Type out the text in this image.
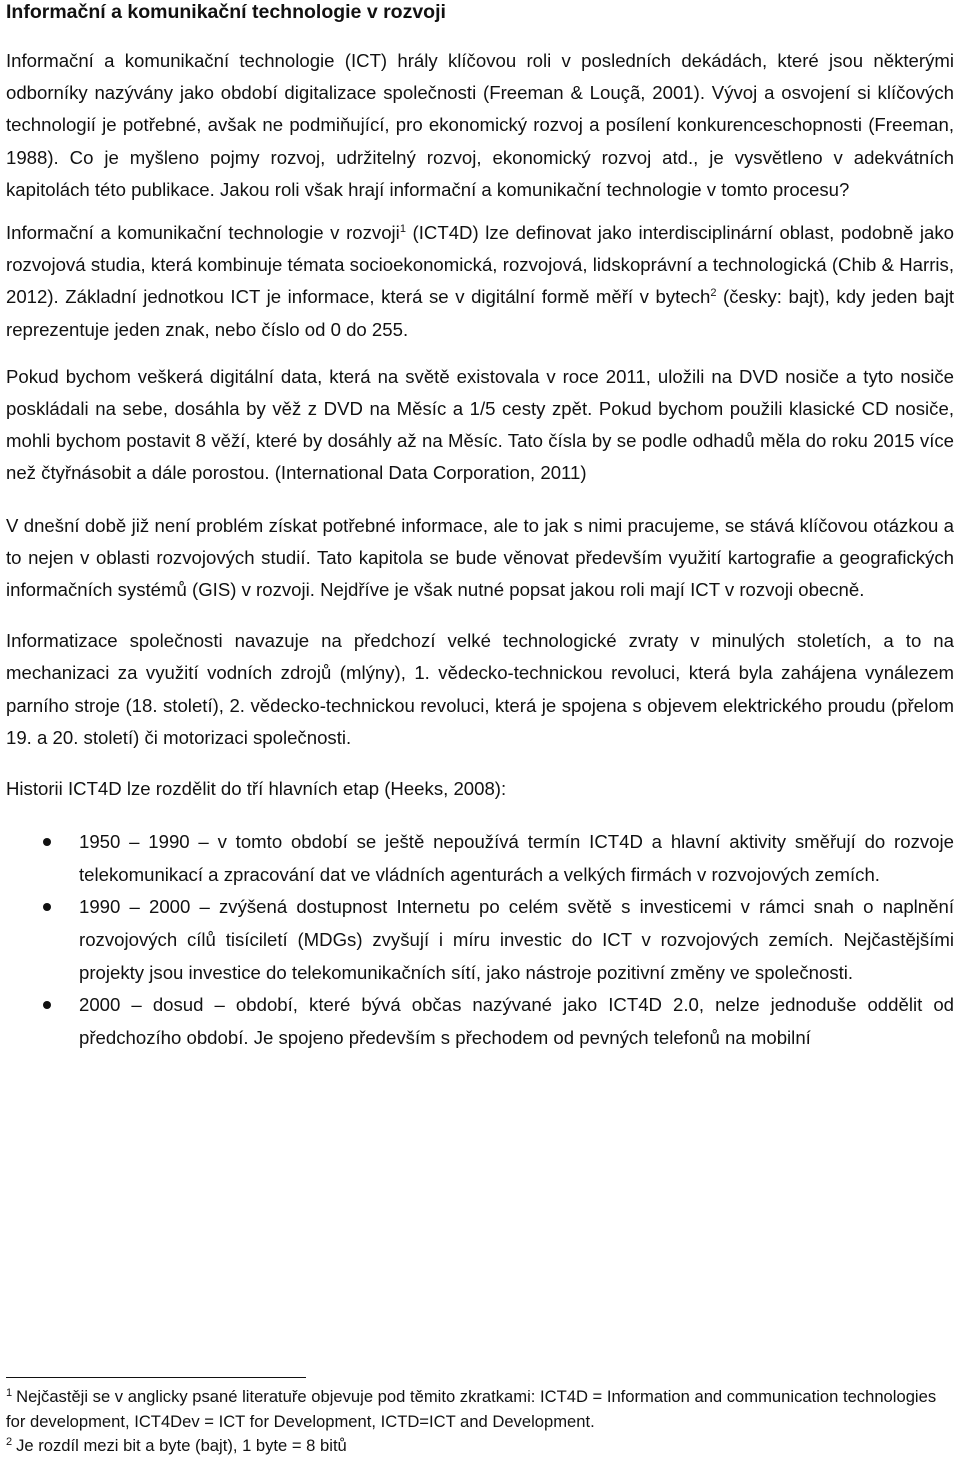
Informační a komunikační technologie v rozvoji

Informační a komunikační technologie (ICT) hrály klíčovou roli v posledních dekádách, které jsou některými odborníky nazývány jako období digitalizace společnosti (Freeman & Louçã, 2001). Vývoj a osvojení si klíčových technologií je potřebné, avšak ne podmiňující, pro ekonomický rozvoj a posílení konkurenceschopnosti (Freeman, 1988). Co je myšleno pojmy rozvoj, udržitelný rozvoj, ekonomický rozvoj atd., je vysvětleno v adekvátních kapitolách této publikace. Jakou roli však hrají informační a komunikační technologie v tomto procesu?

Informační a komunikační technologie v rozvoji$^1$ (ICT4D) lze definovat jako interdisciplinární oblast, podobně jako rozvojová studia, která kombinuje témata socioekonomická, rozvojová, lidskoprávní a technologická (Chib & Harris, 2012). Základní jednotkou ICT je informace, která se v digitální formě měří v bytech$^2$ (česky: bajt), kdy jeden bajt reprezentuje jeden znak, nebo číslo od 0 do 255.

Pokud bychom veškerá digitální data, která na světě existovala v roce 2011, uložili na DVD nosiče a tyto nosiče poskládali na sebe, dosáhla by věž z DVD na Měsíc a 1/5 cesty zpět. Pokud bychom použili klasické CD nosiče, mohli bychom postavit 8 věží, které by dosáhly až na Měsíc. Tato čísla by se podle odhadů měla do roku 2015 více než čtyřnásobit a dále porostou. (International Data Corporation, 2011)

V dnešní době již není problém získat potřebné informace, ale to jak s nimi pracujeme, se stává klíčovou otázkou a to nejen v oblasti rozvojových studií. Tato kapitola se bude věnovat především využití kartografie a geografických informačních systémů (GIS) v rozvoji. Nejdříve je však nutné popsat jakou roli mají ICT v rozvoji obecně.

Informatizace společnosti navazuje na předchozí velké technologické zvraty v minulých stoletích, a to na mechanizaci za využití vodních zdrojů (mlýny), 1. vědecko-technickou revoluci, která byla zahájena vynálezem parního stroje (18. století), 2. vědecko-technickou revoluci, která je spojena s objevem elektrického proudu (přelom 19. a 20. století) či motorizaci společnosti.

Historii ICT4D lze rozdělit do tří hlavních etap (Heeks, 2008):

1950 – 1990 – v tomto období se ještě nepoužívá termín ICT4D a hlavní aktivity směřují do rozvoje telekomunikací a zpracování dat ve vládních agenturách a velkých firmách v rozvojových zemích.
1990 – 2000 – zvýšená dostupnost Internetu po celém světě s investicemi v rámci snah o naplnění rozvojových cílů tisíciletí (MDGs) zvyšují i míru investic do ICT v rozvojových zemích. Nejčastějšími projekty jsou investice do telekomunikačních sítí, jako nástroje pozitivní změny ve společnosti.
2000 – dosud – období, které bývá občas nazývané jako ICT4D 2.0, nelze jednoduše oddělit od předchozího období. Je spojeno především s přechodem od pevných telefonů na mobilní
$^1$ Nejčastěji se v anglicky psané literatuře objevuje pod těmito zkratkami: ICT4D = Information and communication technologies for development, ICT4Dev = ICT for Development, ICTD=ICT and Development.
$^2$ Je rozdíl mezi bit a byte (bajt), 1 byte = 8 bitů
